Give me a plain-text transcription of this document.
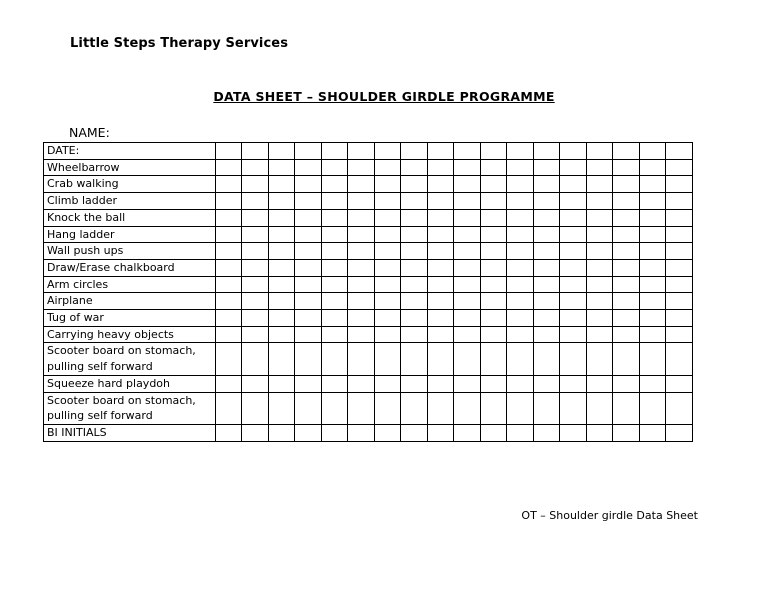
Little Steps Therapy Services
DATA SHEET – SHOULDER GIRDLE PROGRAMME
NAME:
DATE:																		
Wheelbarrow																		
Crab walking																		
Climb ladder																		
Knock the ball																		
Hang ladder																		
Wall push ups																		
Draw/Erase chalkboard																		
Arm circles																		
Airplane																		
Tug of war																		
Carrying heavy objects																		
Scooter board on stomach, pulling self forward																		
Squeeze hard playdoh																		
Scooter board on stomach, pulling self forward																		
BI INITIALS																		
OT – Shoulder girdle Data Sheet
